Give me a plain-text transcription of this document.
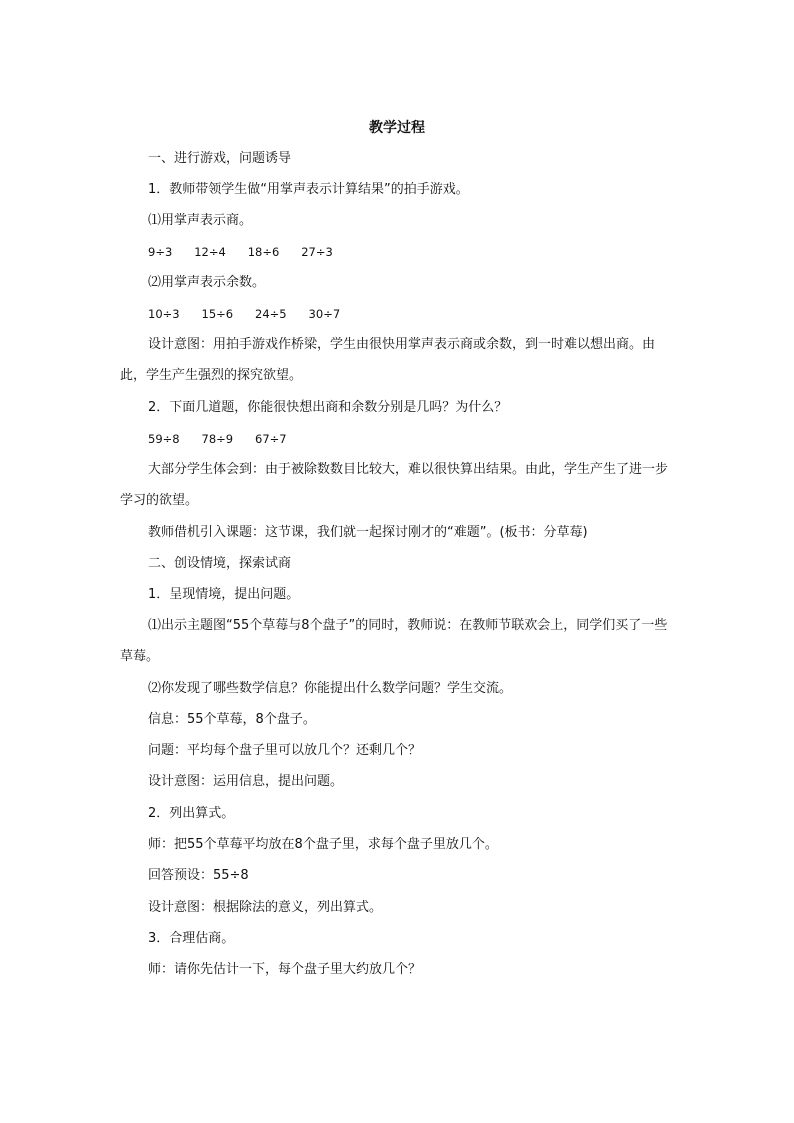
教学过程

一、进行游戏，问题诱导

1．教师带领学生做“用掌声表示计算结果”的拍手游戏。

⑴用掌声表示商。

9÷3      12÷4      18÷6      27÷3

⑵用掌声表示余数。

10÷3      15÷6      24÷5      30÷7

设计意图：用拍手游戏作桥梁，学生由很快用掌声表示商或余数，到一时难以想出商。由此，学生产生强烈的探究欲望。

2．下面几道题，你能很快想出商和余数分别是几吗？为什么？

59÷8      78÷9      67÷7

大部分学生体会到：由于被除数数目比较大，难以很快算出结果。由此，学生产生了进一步学习的欲望。

教师借机引入课题：这节课，我们就一起探讨刚才的“难题”。(板书：分草莓)

二、创设情境，探索试商

1．呈现情境，提出问题。

⑴出示主题图“55个草莓与8个盘子”的同时，教师说：在教师节联欢会上，同学们买了一些草莓。

⑵你发现了哪些数学信息？你能提出什么数学问题？学生交流。

信息：55个草莓，8个盘子。

问题：平均每个盘子里可以放几个？还剩几个？

设计意图：运用信息，提出问题。

2．列出算式。

师：把55个草莓平均放在8个盘子里，求每个盘子里放几个。

回答预设：55÷8

设计意图：根据除法的意义，列出算式。

3．合理估商。

师：请你先估计一下，每个盘子里大约放几个？
